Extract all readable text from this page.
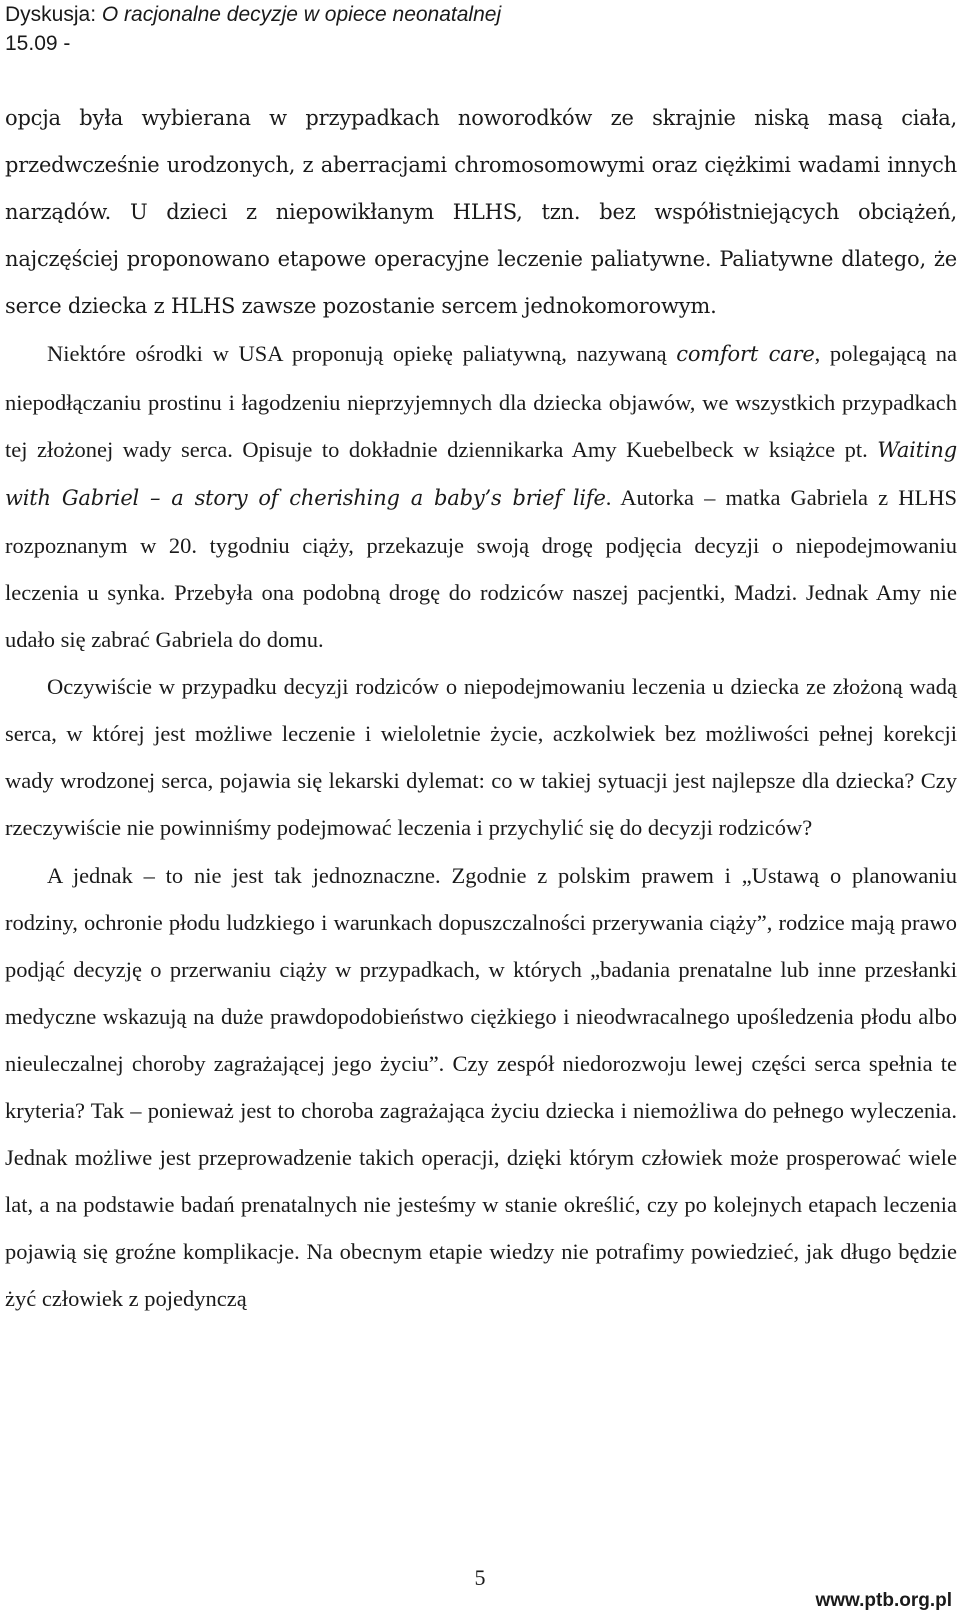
Dyskusja: O racjonalne decyzje w opiece neonatalnej
15.09 -

opcja była wybierana w przypadkach noworodków ze skrajnie niską masą ciała, przedwcześnie urodzonych, z aberracjami chromosomowymi oraz ciężkimi wadami innych narządów. U dzieci z niepowikłanym HLHS, tzn. bez współistniejących obciążeń, najczęściej proponowano etapowe operacyjne leczenie paliatywne. Paliatywne dlatego, że serce dziecka z HLHS zawsze pozostanie sercem jednokomorowym.

Niektóre ośrodki w USA proponują opiekę paliatywną, nazywaną comfort care, polegającą na niepodłączaniu prostinu i łagodzeniu nieprzyjemnych dla dziecka objawów, we wszystkich przypadkach tej złożonej wady serca. Opisuje to dokładnie dziennikarka Amy Kuebelbeck w książce pt. Waiting with Gabriel – a story of cherishing a baby’s brief life. Autorka – matka Gabriela z HLHS rozpoznanym w 20. tygodniu ciąży, przekazuje swoją drogę podjęcia decyzji o niepodejmowaniu leczenia u synka. Przebyła ona podobną drogę do rodziców naszej pacjentki, Madzi. Jednak Amy nie udało się zabrać Gabriela do domu.

Oczywiście w przypadku decyzji rodziców o niepodejmowaniu leczenia u dziecka ze złożoną wadą serca, w której jest możliwe leczenie i wieloletnie życie, aczkolwiek bez możliwości pełnej korekcji wady wrodzonej serca, pojawia się lekarski dylemat: co w takiej sytuacji jest najlepsze dla dziecka? Czy rzeczywiście nie powinniśmy podejmować leczenia i przychylić się do decyzji rodziców?

A jednak – to nie jest tak jednoznaczne. Zgodnie z polskim prawem i „Ustawą o planowaniu rodziny, ochronie płodu ludzkiego i warunkach dopuszczalności przerywania ciąży”, rodzice mają prawo podjąć decyzję o przerwaniu ciąży w przypadkach, w których „badania prenatalne lub inne przesłanki medyczne wskazują na duże prawdopodobieństwo ciężkiego i nieodwracalnego upośledzenia płodu albo nieuleczalnej choroby zagrażającej jego życiu”. Czy zespół niedorozwoju lewej części serca spełnia te kryteria? Tak – ponieważ jest to choroba zagrażająca życiu dziecka i niemożliwa do pełnego wyleczenia. Jednak możliwe jest przeprowadzenie takich operacji, dzięki którym człowiek może prosperować wiele lat, a na podstawie badań prenatalnych nie jesteśmy w stanie określić, czy po kolejnych etapach leczenia pojawią się groźne komplikacje. Na obecnym etapie wiedzy nie potrafimy powiedzieć, jak długo będzie żyć człowiek z pojedynczą

5
www.ptb.org.pl
